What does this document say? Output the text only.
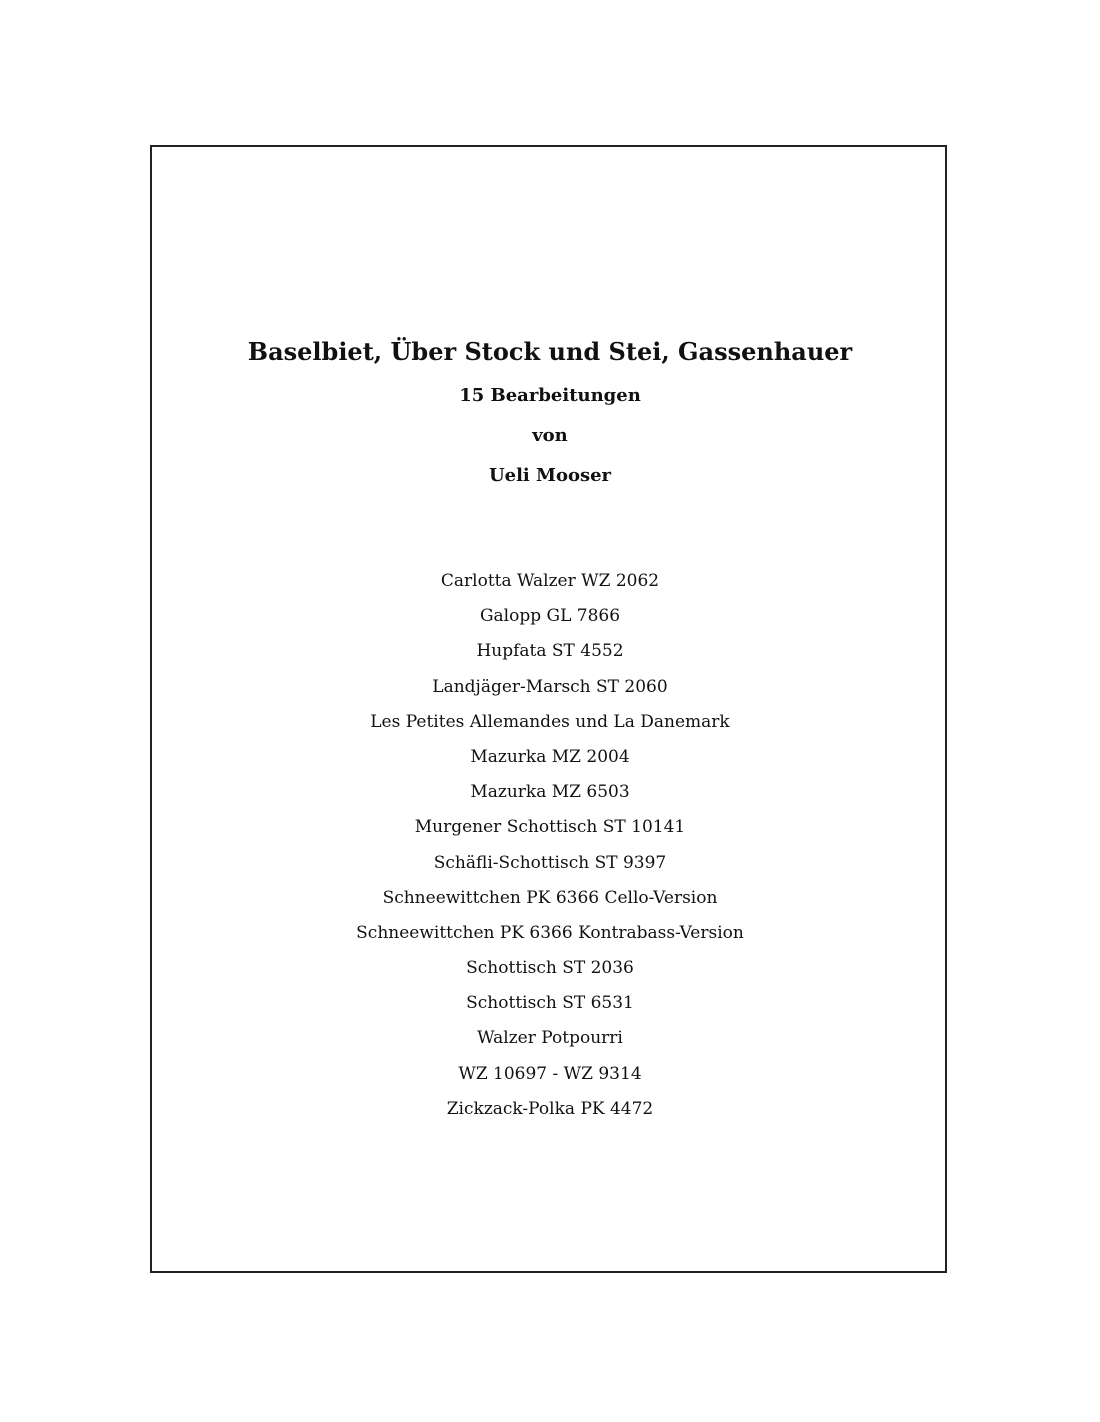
Baselbiet, Über Stock und Stei, Gassenhauer
15 Bearbeitungen
von
Ueli Mooser
Carlotta Walzer WZ 2062
Galopp GL 7866
Hupfata ST 4552
Landjäger-Marsch ST 2060
Les Petites Allemandes und La Danemark
Mazurka MZ 2004
Mazurka MZ 6503
Murgener Schottisch ST 10141
Schäfli-Schottisch ST 9397
Schneewittchen PK 6366 Cello-Version
Schneewittchen PK 6366 Kontrabass-Version
Schottisch ST 2036
Schottisch ST 6531
Walzer Potpourri
WZ 10697 - WZ 9314
Zickzack-Polka PK 4472
